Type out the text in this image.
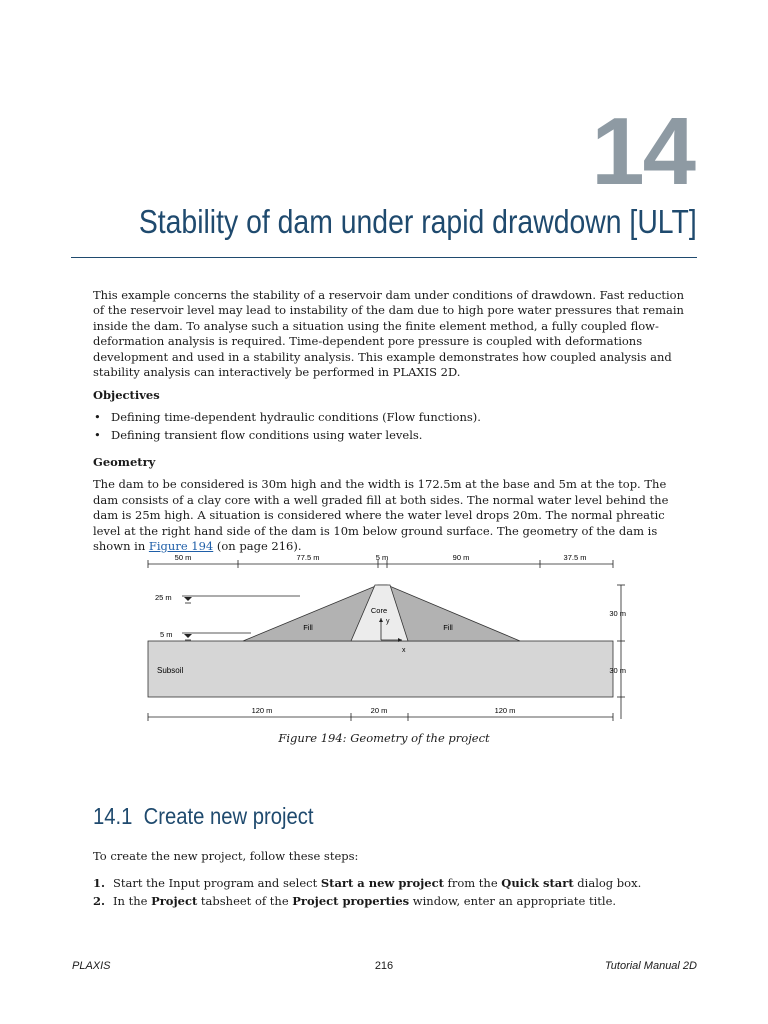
14
Stability of dam under rapid drawdown [ULT]

This example concerns the stability of a reservoir dam under conditions of drawdown. Fast reduction of the reservoir level may lead to instability of the dam due to high pore water pressures that remain inside the dam. To analyse such a situation using the finite element method, a fully coupled flow-deformation analysis is required. Time-dependent pore pressure is coupled with deformations development and used in a stability analysis. This example demonstrates how coupled analysis and stability analysis can interactively be performed in PLAXIS 2D.

Objectives

• Defining time-dependent hydraulic conditions (Flow functions).
• Defining transient flow conditions using water levels.

Geometry

The dam to be considered is 30m high and the width is 172.5m at the base and 5m at the top. The dam consists of a clay core with a well graded fill at both sides. The normal water level behind the dam is 25m high. A situation is considered where the water level drops 20m. The normal phreatic level at the right hand side of the dam is 10m below ground surface. The geometry of the dam is shown in Figure 194 (on page 216).

50 m	77.5 m	5 m	90 m	37.5 m
Subsoil
Fill	Fill
Core
y
x
25 m
5 m
30 m
30 m
120 m	20 m	120 m
Figure 194: Geometry of the project
14.1 Create new project

To create the new project, follow these steps:

1. Start the Input program and select Start a new project from the Quick start dialog box.
2. In the Project tabsheet of the Project properties window, enter an appropriate title.
PLAXIS	216	Tutorial Manual 2D
